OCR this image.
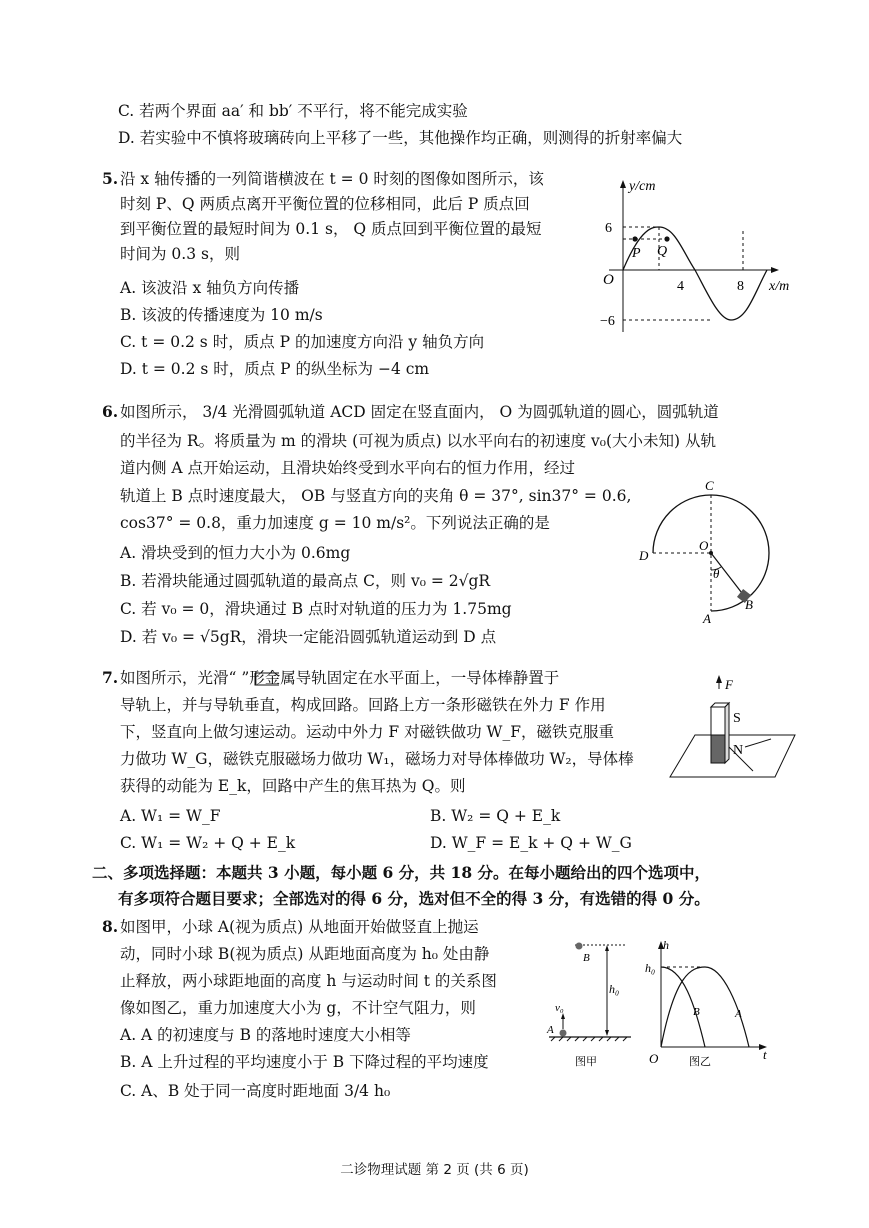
C. 若两个界面 aa′ 和 bb′ 不平行，将不能完成实验
D. 若实验中不慎将玻璃砖向上平移了一些，其他操作均正确，则测得的折射率偏大
5. 沿 x 轴传播的一列简谐横波在 t = 0 时刻的图像如图所示，该
时刻 P、Q 两质点离开平衡位置的位移相同，此后 P 质点回
到平衡位置的最短时间为 0.1 s， Q 质点回到平衡位置的最短
时间为 0.3 s，则
A. 该波沿 x 轴负方向传播
B. 该波的传播速度为 10 m/s
C. t = 0.2 s 时，质点 P 的加速度方向沿 y 轴负方向
D. t = 0.2 s 时，质点 P 的纵坐标为 −4 cm
y/cm
x/m
O
6
−6
4	8
P Q
6. 如图所示， 3/4 光滑圆弧轨道 ACD 固定在竖直面内， O 为圆弧轨道的圆心，圆弧轨道
的半径为 R。将质量为 m 的滑块 (可视为质点) 以水平向右的初速度 v₀(大小未知) 从轨
道内侧 A 点开始运动，且滑块始终受到水平向右的恒力作用，经过
轨道上 B 点时速度最大， OB 与竖直方向的夹角 θ = 37°, sin37° = 0.6,
cos37° = 0.8，重力加速度 g = 10 m/s²。下列说法正确的是
A. 滑块受到的恒力大小为 0.6mg
B. 若滑块能通过圆弧轨道的最高点 C，则 v₀ = 2√gR
C. 若 v₀ = 0，滑块通过 B 点时对轨道的压力为 1.75mg
D. 若 v₀ = √5gR，滑块一定能沿圆弧轨道运动到 D 点
C
D
O
θ
B
A
7. 如图所示，光滑“ ”形金属导轨固定在水平面上，一导体棒静置于
导轨上，并与导轨垂直，构成回路。回路上方一条形磁铁在外力 F 作用
下，竖直向上做匀速运动。运动中外力 F 对磁铁做功 W_F，磁铁克服重
力做功 W_G，磁铁克服磁场力做功 W₁，磁场力对导体棒做功 W₂，导体棒
获得的动能为 E_k，回路中产生的焦耳热为 Q。则
A. W₁ = W_F	B. W₂ = Q + E_k
C. W₁ = W₂ + Q + E_k	D. W_F = E_k + Q + W_G
F
S
N
二、多项选择题：本题共 3 小题，每小题 6 分，共 18 分。在每小题给出的四个选项中，
有多项符合题目要求；全部选对的得 6 分，选对但不全的得 3 分，有选错的得 0 分。
8. 如图甲，小球 A(视为质点) 从地面开始做竖直上抛运
动，同时小球 B(视为质点) 从距地面高度为 h₀ 处由静
止释放，两小球距地面的高度 h 与运动时间 t 的关系图
像如图乙，重力加速度大小为 g，不计空气阻力，则
A. A 的初速度与 B 的落地时速度大小相等
B. A 上升过程的平均速度小于 B 下降过程的平均速度
C. A、B 处于同一高度时距地面 3/4 h₀
B
h₀
v₀
A
图甲
h
h₀
B	A
O	t
图乙
二诊物理试题 第 2 页 (共 6 页)
